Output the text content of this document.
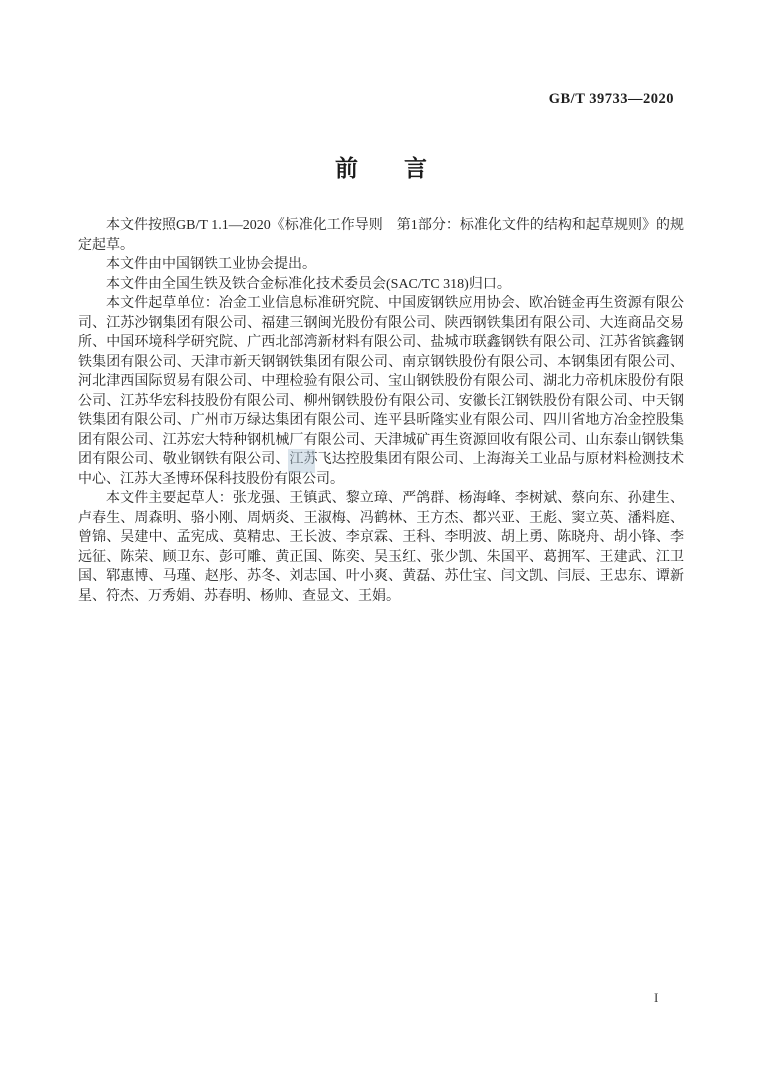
GB/T 39733—2020
前　　言

本文件按照GB/T 1.1—2020《标准化工作导则　第1部分：标准化文件的结构和起草规则》的规定起草。

本文件由中国钢铁工业协会提出。

本文件由全国生铁及铁合金标准化技术委员会(SAC/TC 318)归口。

本文件起草单位：冶金工业信息标准研究院、中国废钢铁应用协会、欧冶链金再生资源有限公司、江苏沙钢集团有限公司、福建三钢闽光股份有限公司、陕西钢铁集团有限公司、大连商品交易所、中国环境科学研究院、广西北部湾新材料有限公司、盐城市联鑫钢铁有限公司、江苏省镔鑫钢铁集团有限公司、天津市新天钢钢铁集团有限公司、南京钢铁股份有限公司、本钢集团有限公司、河北津西国际贸易有限公司、中理检验有限公司、宝山钢铁股份有限公司、湖北力帝机床股份有限公司、江苏华宏科技股份有限公司、柳州钢铁股份有限公司、安徽长江钢铁股份有限公司、中天钢铁集团有限公司、广州市万绿达集团有限公司、连平县昕隆实业有限公司、四川省地方冶金控股集团有限公司、江苏宏大特种钢机械厂有限公司、天津城矿再生资源回收有限公司、山东泰山钢铁集团有限公司、敬业钢铁有限公司、江苏飞达控股集团有限公司、上海海关工业品与原材料检测技术中心、江苏大圣博环保科技股份有限公司。

本文件主要起草人：张龙强、王镇武、黎立璋、严鸽群、杨海峰、李树斌、蔡向东、孙建生、卢春生、周森明、骆小刚、周炳炎、王淑梅、冯鹤林、王方杰、都兴亚、王彪、窦立英、潘料庭、曾锦、吴建中、孟宪成、莫精忠、王长波、李京霖、王科、李明波、胡上勇、陈晓舟、胡小锋、李远征、陈荣、顾卫东、彭可雕、黄正国、陈奕、吴玉红、张少凯、朱国平、葛拥军、王建武、江卫国、郓惠博、马瑾、赵彤、苏冬、刘志国、叶小爽、黄磊、苏仕宝、闫文凯、闫辰、王忠东、谭新星、符杰、万秀娟、苏春明、杨帅、查显文、王娟。

I
